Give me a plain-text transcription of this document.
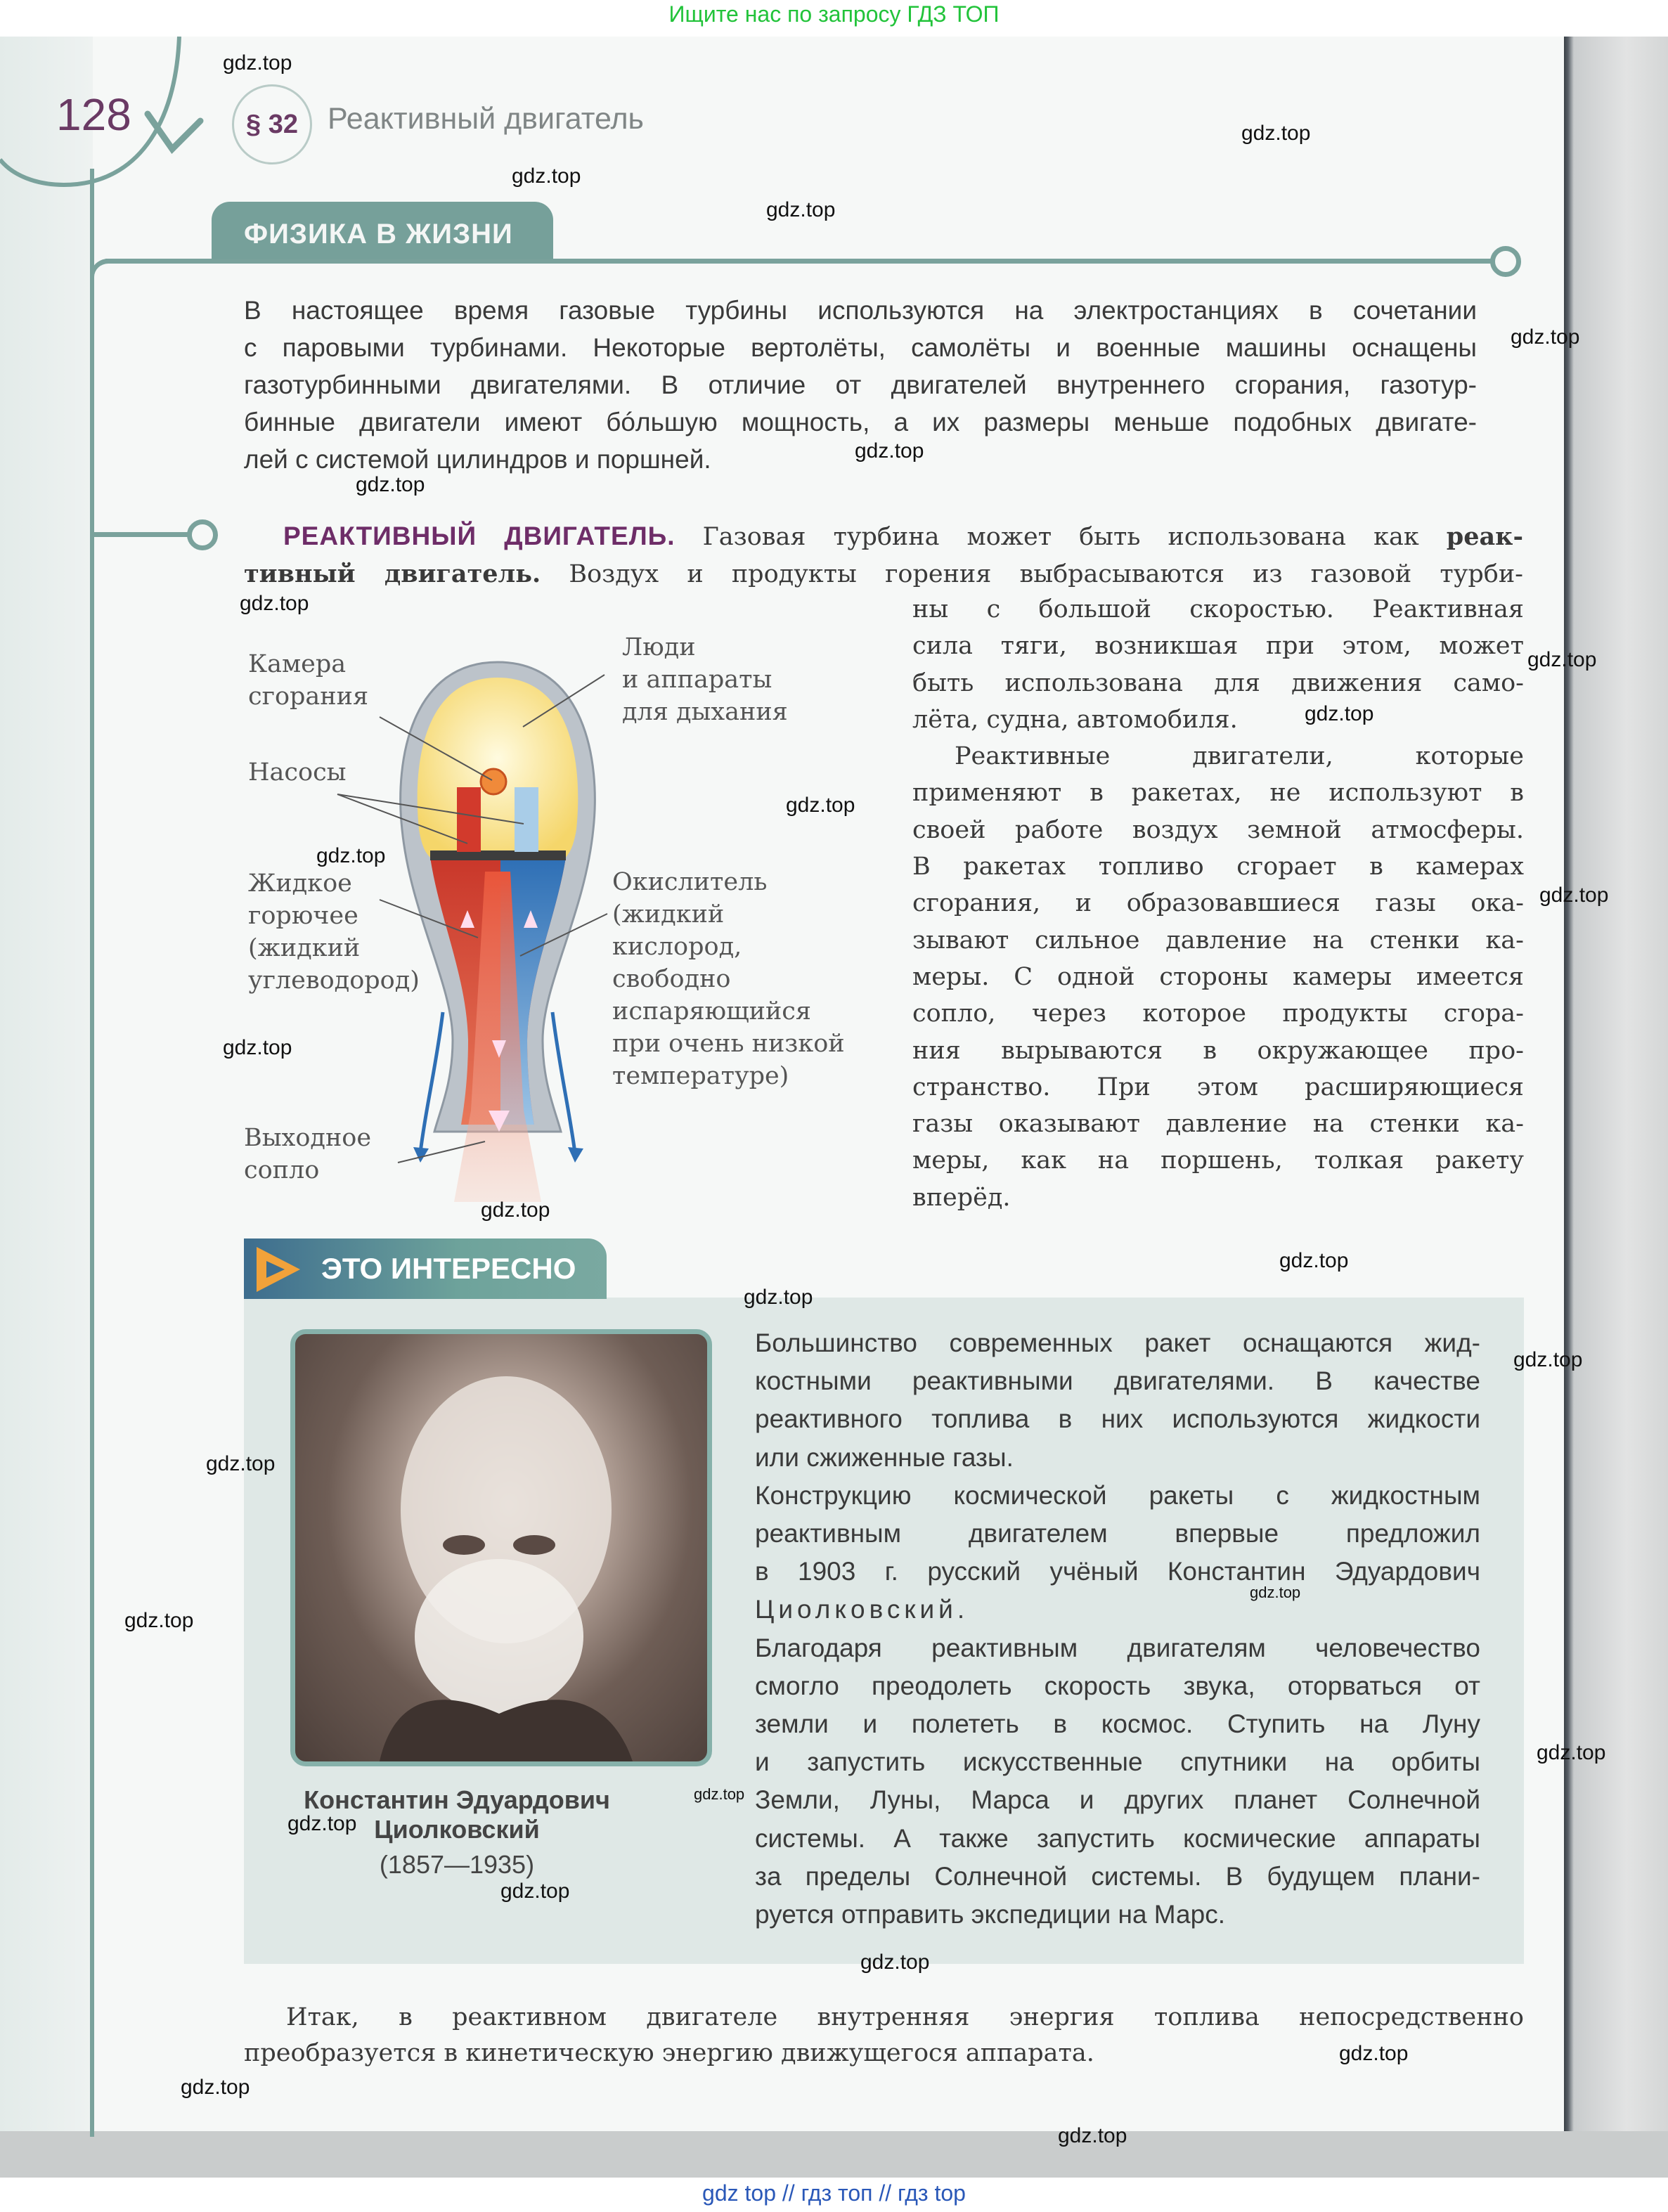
Ищите нас по запросу ГДЗ ТОП
128	§ 32 Реактивный двигатель
ФИЗИКА В ЖИЗНИ
В настоящее время газовые турбины используются на электростанциях в сочетании
с паровыми турбинами. Некоторые вертолёты, самолёты и военные машины оснащены
газотурбинными двигателями. В отличие от двигателей внутреннего сгорания, газотур-
бинные двигатели имеют бóльшую мощность, а их размеры меньше подобных двигате-
лей с системой цилиндров и поршней.
РЕАКТИВНЫЙ ДВИГАТЕЛЬ. Газовая турбина может быть использована как реак-
тивный двигатель. Воздух и продукты горения выбрасываются из газовой турби-
ны с большой скоростью. Реактивная
сила тяги, возникшая при этом, может
быть использована для движения само-
лёта, судна, автомобиля.
Реактивные двигатели, которые
применяют в ракетах, не используют в
своей работе воздух земной атмосферы.
В ракетах топливо сгорает в камерах
сгорания, и образовавшиеся газы ока-
зывают сильное давление на стенки ка-
меры. С одной стороны камеры имеется
сопло, через которое продукты сгора-
ния вырываются в окружающее про-
странство. При этом расширяющиеся
газы оказывают давление на стенки ка-
меры, как на поршень, толкая ракету
вперёд.
Камера
сгорания
Люди
и аппараты
для дыхания
Насосы
Жидкое
горючее
(жидкий
углеводород)
Окислитель
(жидкий
кислород,
свободно
испаряющийся
при очень низкой
температуре)
Выходное
сопло
ЭТО ИНТЕРЕСНО
Константин Эдуардович
Циолковский
(1857—1935)
Большинство современных ракет оснащаются жид-
костными реактивными двигателями. В качестве
реактивного топлива в них используются жидкости
или сжиженные газы.
Конструкцию космической ракеты с жидкостным
реактивным двигателем впервые предложил
в 1903 г. русский учёный Константин Эдуардович
Циолковский.
Благодаря реактивным двигателям человечество
смогло преодолеть скорость звука, оторваться от
земли и полететь в космос. Ступить на Луну
и запустить искусственные спутники на орбиты
Земли, Луны, Марса и других планет Солнечной
системы. А также запустить космические аппараты
за пределы Солнечной системы. В будущем плани-
руется отправить экспедиции на Марс.
Итак, в реактивном двигателе внутренняя энергия топлива непосредственно
преобразуется в кинетическую энергию движущегося аппарата.
gdz.top
gdz.top
gdz.top
gdz.top
gdz.top
gdz.top
gdz.top
gdz.top
gdz.top
gdz.top
gdz.top
gdz.top
gdz.top
gdz.top
gdz.top
gdz.top
gdz.top
gdz.top
gdz.top
gdz.top
gdz.top
gdz.top
gdz.top
gdz.top
gdz.top
gdz.top
gdz.top
gdz.top
gdz.top
gdz top // гдз топ // гдз top
